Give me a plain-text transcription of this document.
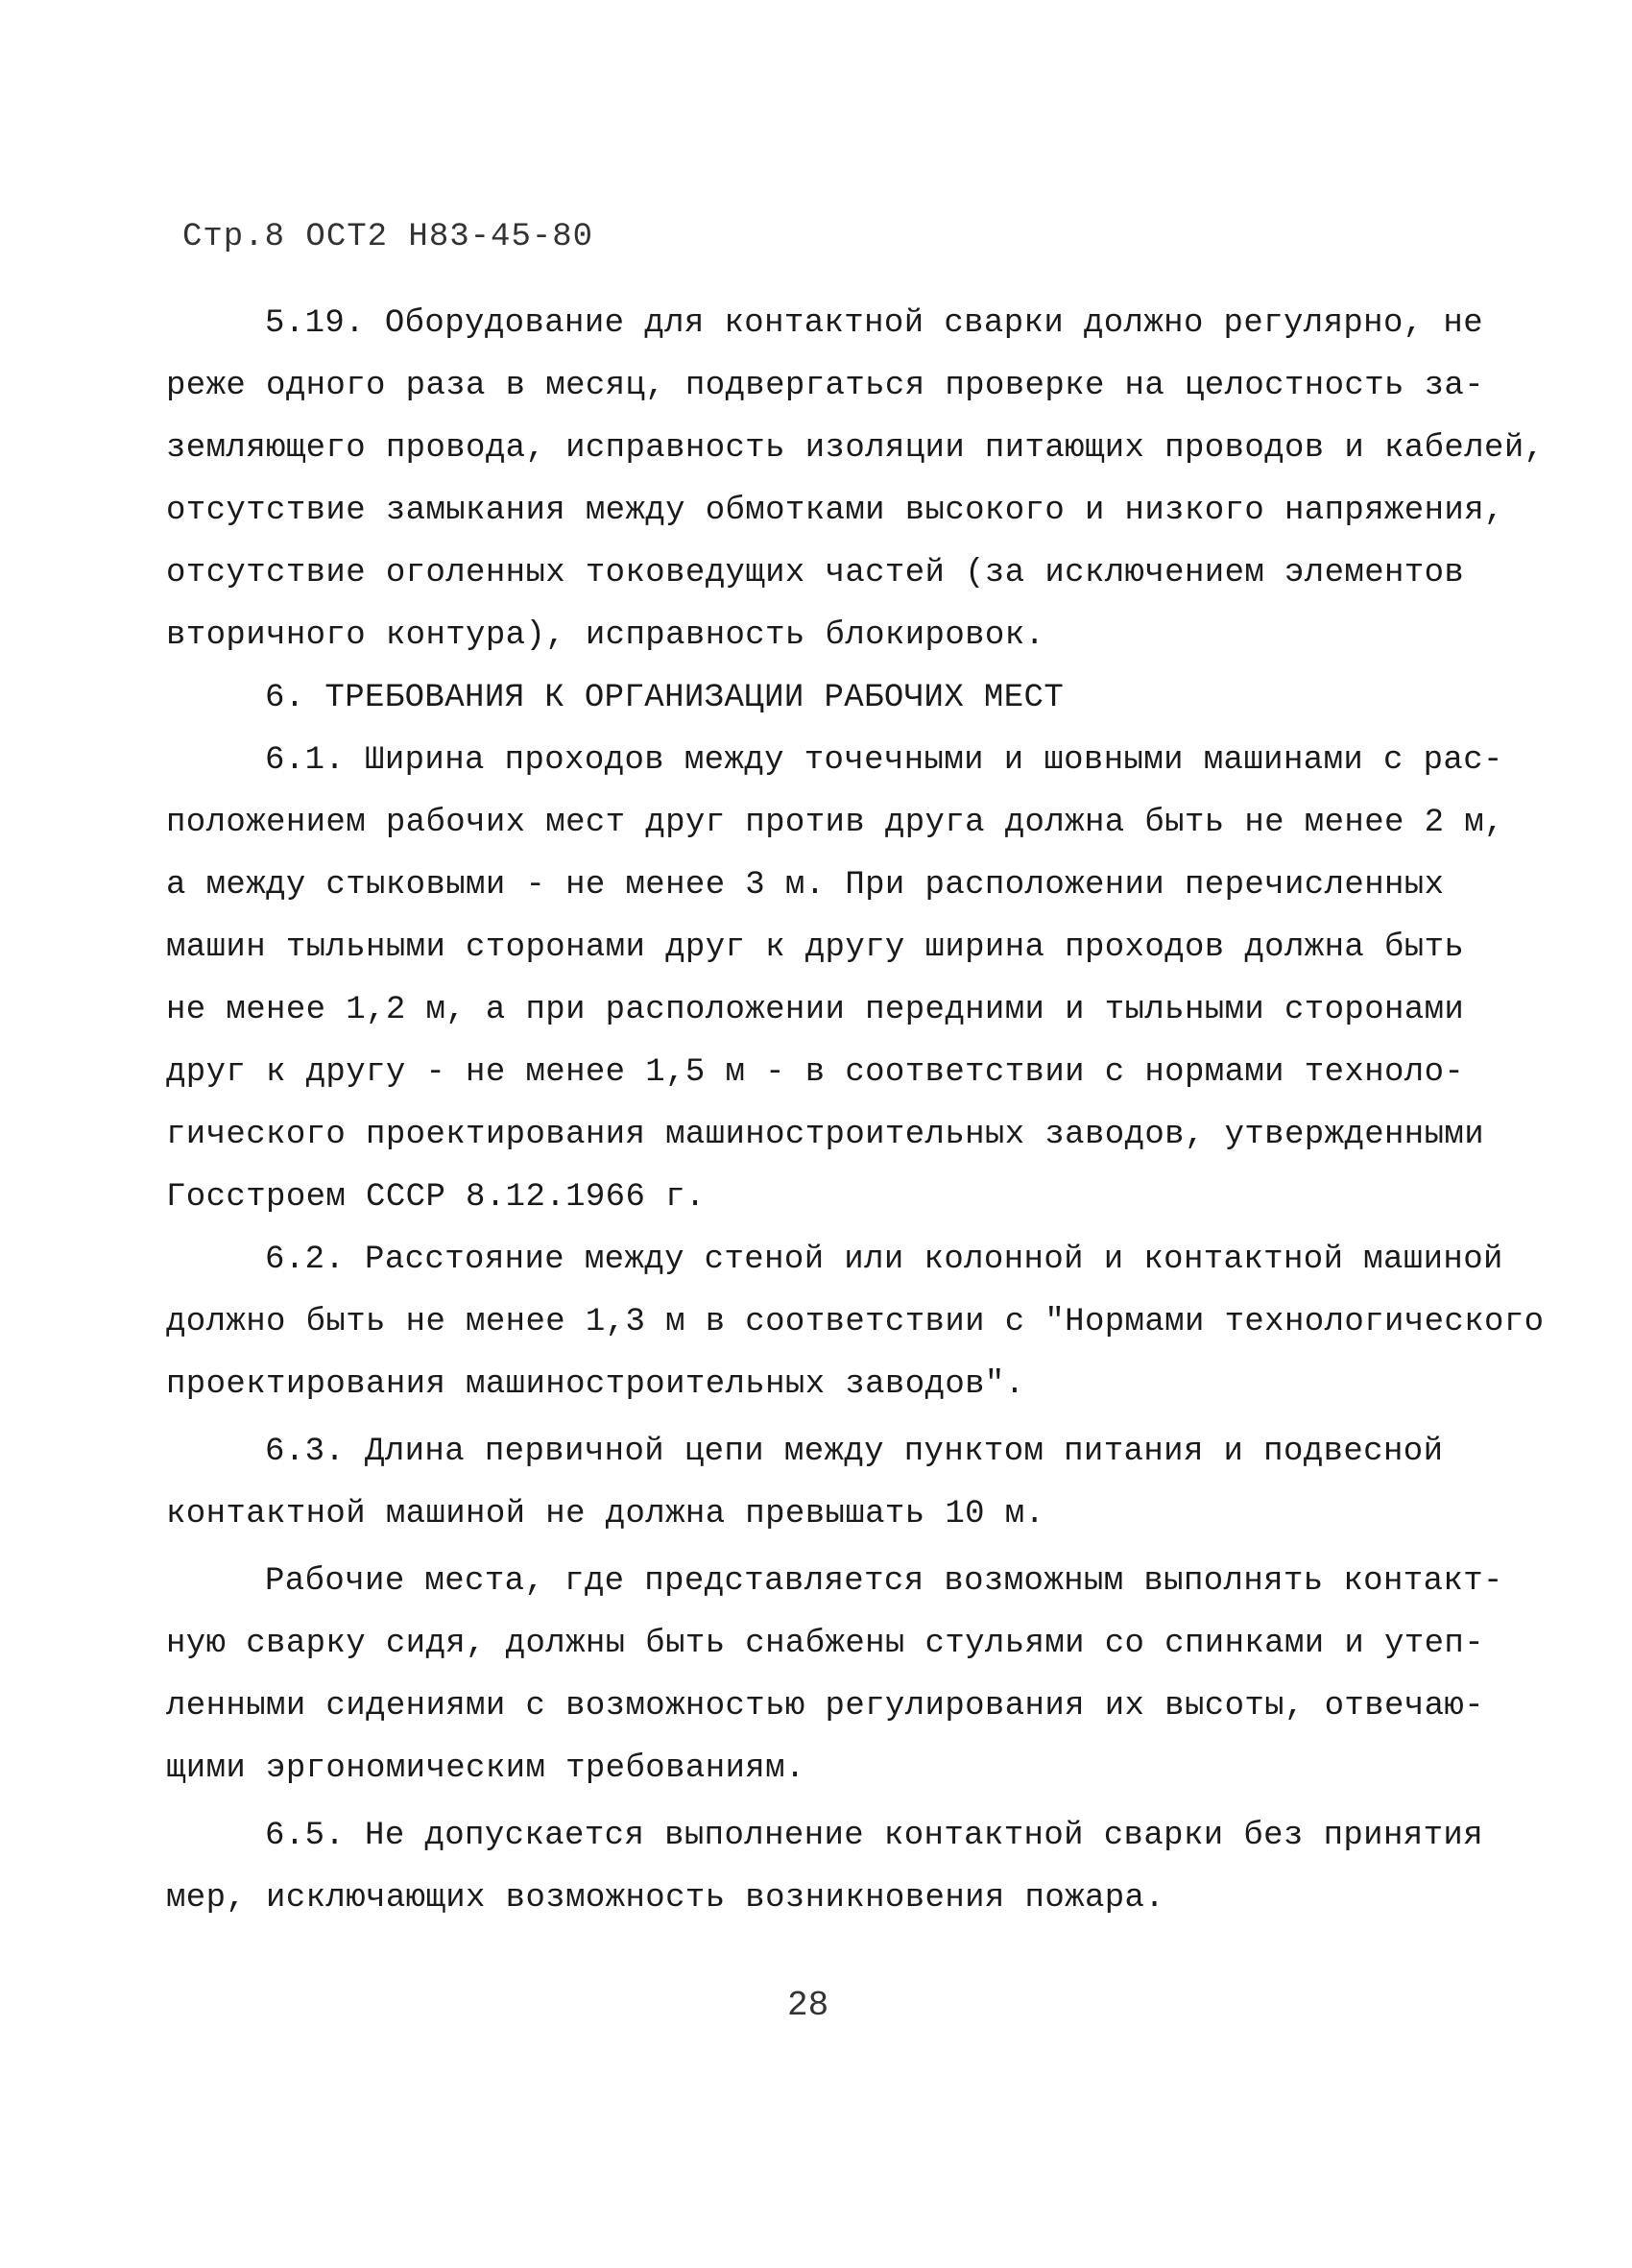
Стр.8 ОСТ2 Н83-45-80
5.19. Оборудование для контактной сварки должно регулярно, не
реже одного раза в месяц, подвергаться проверке на целостность за-
земляющего провода, исправность изоляции питающих проводов и кабелей,
отсутствие замыкания между обмотками высокого и низкого напряжения,
отсутствие оголенных токоведущих частей (за исключением элементов
вторичного контура), исправность блокировок.
6. ТРЕБОВАНИЯ К ОРГАНИЗАЦИИ РАБОЧИХ МЕСТ
6.1. Ширина проходов между точечными и шовными машинами с рас-
положением рабочих мест друг против друга должна быть не менее 2 м,
а между стыковыми - не менее 3 м. При расположении перечисленных
машин тыльными сторонами друг к другу ширина проходов должна быть
не менее 1,2 м, а при расположении передними и тыльными сторонами
друг к другу - не менее 1,5 м - в соответствии с нормами техноло-
гического проектирования машиностроительных заводов, утвержденными
Госстроем СССР 8.12.1966 г.
6.2. Расстояние между стеной или колонной и контактной машиной
должно быть не менее 1,3 м в соответствии с "Нормами технологического
проектирования машиностроительных заводов".
6.3. Длина первичной цепи между пунктом питания и подвесной
контактной машиной не должна превышать 10 м.
Рабочие места, где представляется возможным выполнять контакт-
ную сварку сидя, должны быть снабжены стульями со спинками и утеп-
ленными сидениями с возможностью регулирования их высоты, отвечаю-
щими эргономическим требованиям.
6.5. Не допускается выполнение контактной сварки без принятия
мер, исключающих возможность возникновения пожара.
28
